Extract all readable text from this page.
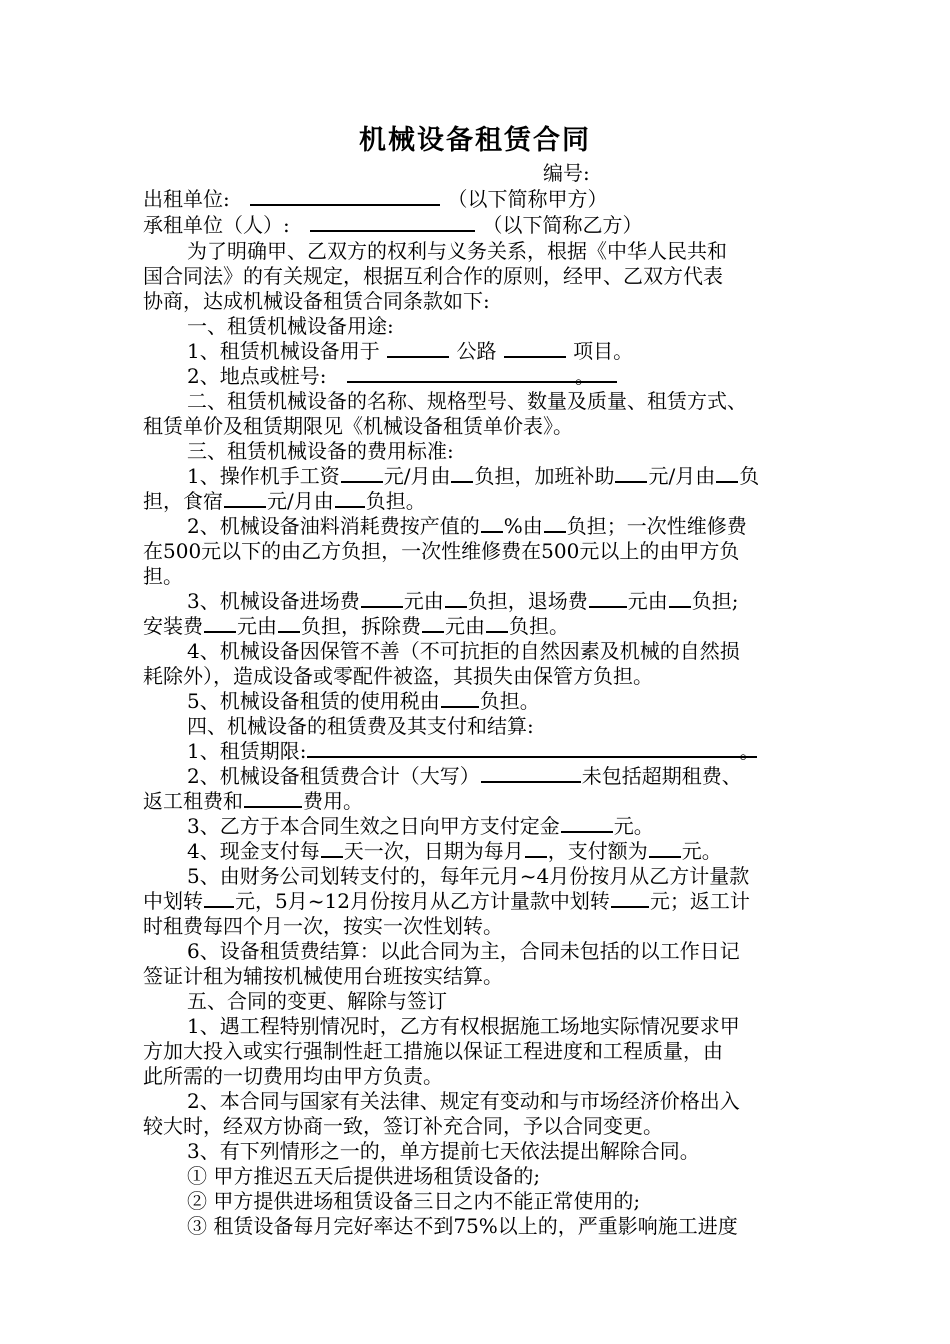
机械设备租赁合同
编号:
出租单位:	（以下简称甲方）
承租单位（人）:	（以下简称乙方）
为了明确甲、乙双方的权利与义务关系，根据《中华人民共和
国合同法》的有关规定，根据互利合作的原则，经甲、乙双方代表
协商，达成机械设备租赁合同条款如下:
一、租赁机械设备用途:
1、租赁机械设备用于	公路	项目。
2、地点或桩号:	。
二、租赁机械设备的名称、规格型号、数量及质量、租赁方式、
租赁单价及租赁期限见《机械设备租赁单价表》。
三、租赁机械设备的费用标准:
1、操作机手工资 元/月由 负担，加班补助 元/月由 负
担，食宿 元/月由 负担。
2、机械设备油料消耗费按产值的 %由 负担；一次性维修费
在500元以下的由乙方负担，一次性维修费在500元以上的由甲方负
担。
3、机械设备进场费 元由 负担，退场费 元由 负担;
安装费 元由 负担，拆除费 元由 负担。
4、机械设备因保管不善（不可抗拒的自然因素及机械的自然损
耗除外），造成设备或零配件被盗，其损失由保管方负担。
5、机械设备租赁的使用税由 负担。
四、机械设备的租赁费及其支付和结算:
1、租赁期限:	。
2、机械设备租赁费合计（大写）	未包括超期租费、
返工租费和	费用。
3、乙方于本合同生效之日向甲方支付定金	元。
4、现金支付每 天一次，日期为每月 ，支付额为 元。
5、由财务公司划转支付的，每年元月~4月份按月从乙方计量款
中划转 元，5月~12月份按月从乙方计量款中划转 元；返工计
时租费每四个月一次，按实一次性划转。
6、设备租赁费结算：以此合同为主，合同未包括的以工作日记
签证计租为辅按机械使用台班按实结算。
五、合同的变更、解除与签订
1、遇工程特别情况时，乙方有权根据施工场地实际情况要求甲
方加大投入或实行强制性赶工措施以保证工程进度和工程质量，由
此所需的一切费用均由甲方负责。
2、本合同与国家有关法律、规定有变动和与市场经济价格出入
较大时，经双方协商一致，签订补充合同，予以合同变更。
3、有下列情形之一的，单方提前七天依法提出解除合同。
① 甲方推迟五天后提供进场租赁设备的;
② 甲方提供进场租赁设备三日之内不能正常使用的;
③ 租赁设备每月完好率达不到75%以上的，严重影响施工进度
